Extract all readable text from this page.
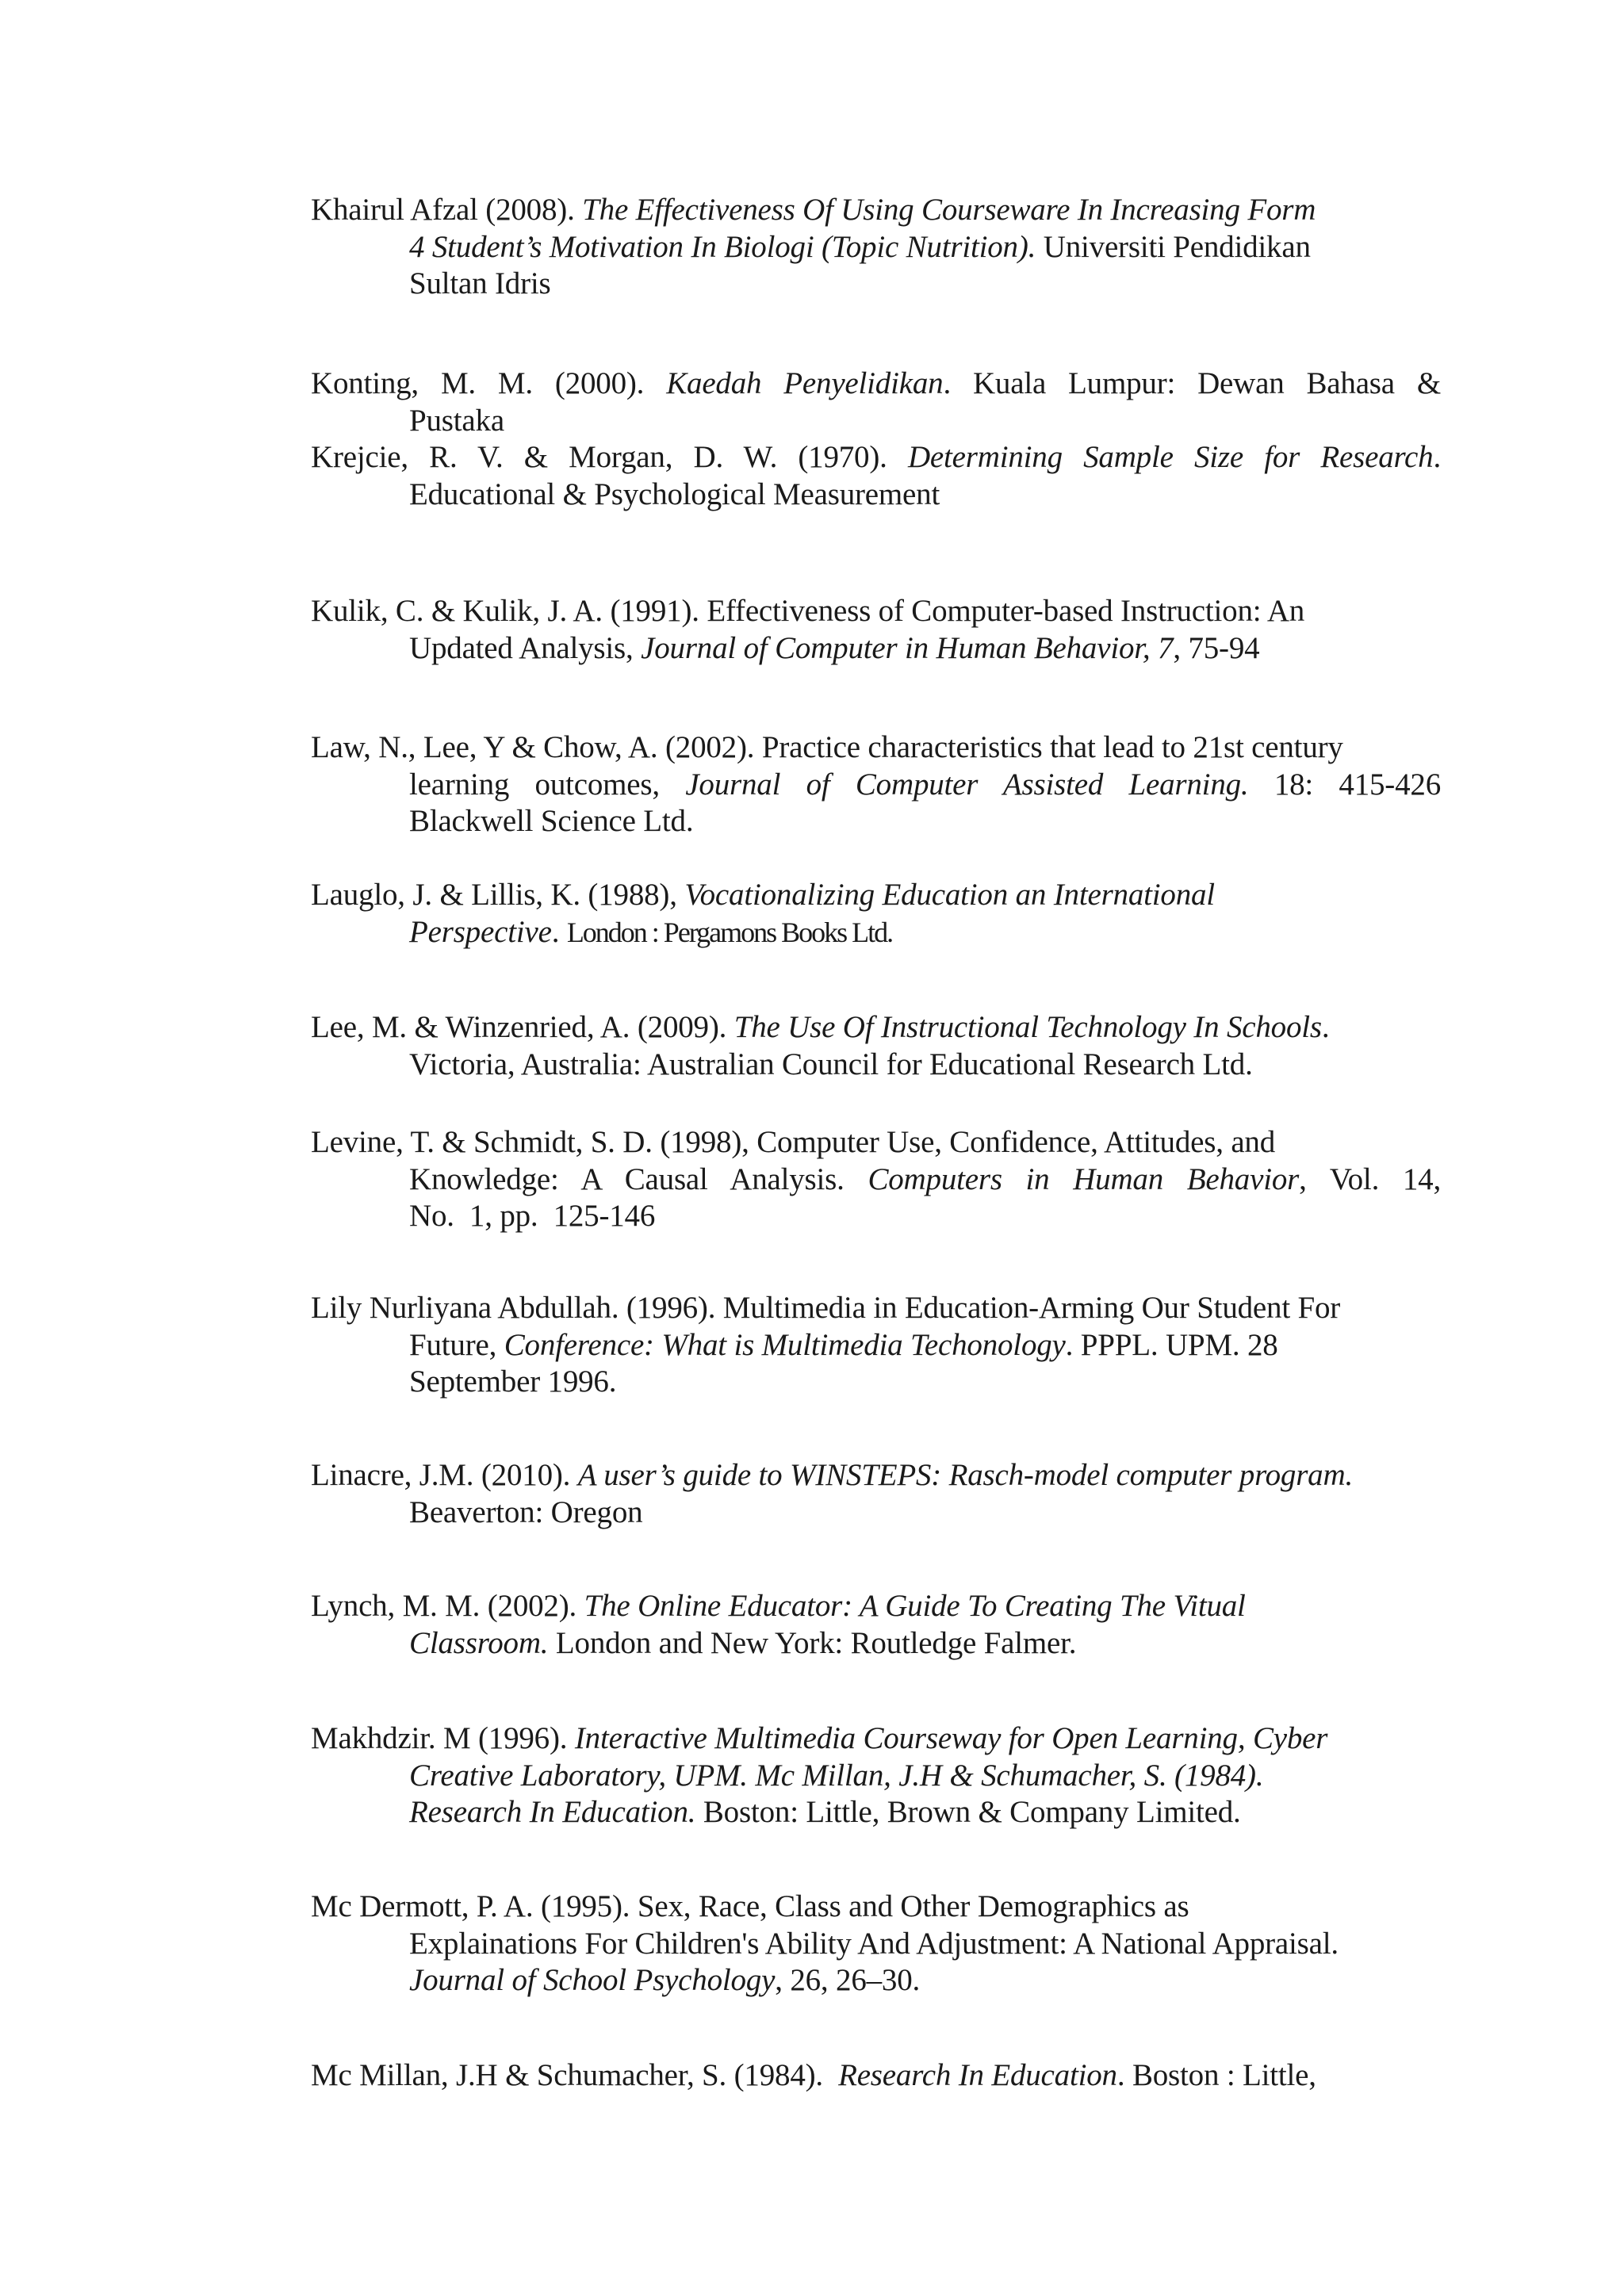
Khairul Afzal (2008). The Effectiveness Of Using Courseware In Increasing Form
4 Student’s Motivation In Biologi (Topic Nutrition). Universiti Pendidikan
Sultan Idris

Konting, M. M. (2000). Kaedah Penyelidikan. Kuala Lumpur: Dewan Bahasa &
Pustaka

Krejcie, R. V. & Morgan, D. W. (1970). Determining Sample Size for Research.
Educational & Psychological Measurement

Kulik, C. & Kulik, J. A. (1991). Effectiveness of Computer-based Instruction: An
Updated Analysis, Journal of Computer in Human Behavior, 7, 75-94

Law, N., Lee, Y & Chow, A. (2002). Practice characteristics that lead to 21st century
learning outcomes, Journal of Computer Assisted Learning. 18: 415-426
Blackwell Science Ltd.

Lauglo, J. & Lillis, K. (1988), Vocationalizing Education an International
Perspective. London : Pergamons Books Ltd.

Lee, M. & Winzenried, A. (2009). The Use Of Instructional Technology In Schools.
Victoria, Australia: Australian Council for Educational Research Ltd.

Levine, T. & Schmidt, S. D. (1998), Computer Use, Confidence, Attitudes, and
Knowledge: A Causal Analysis. Computers in Human Behavior, Vol. 14,
No.  1, pp.  125-146

Lily Nurliyana Abdullah. (1996). Multimedia in Education-Arming Our Student For
Future, Conference: What is Multimedia Techonology. PPPL. UPM. 28
September 1996.

Linacre, J.M. (2010). A user’s guide to WINSTEPS: Rasch-model computer program.
Beaverton: Oregon

Lynch, M. M. (2002). The Online Educator: A Guide To Creating The Vitual
Classroom. London and New York: Routledge Falmer.

Makhdzir. M (1996). Interactive Multimedia Courseway for Open Learning, Cyber
Creative Laboratory, UPM. Mc Millan, J.H & Schumacher, S. (1984).
Research In Education. Boston: Little, Brown & Company Limited.

Mc Dermott, P. A. (1995). Sex, Race, Class and Other Demographics as
Explainations For Children's Ability And Adjustment: A National Appraisal.
Journal of School Psychology, 26, 26–30.

Mc Millan, J.H & Schumacher, S. (1984).  Research In Education. Boston : Little,
